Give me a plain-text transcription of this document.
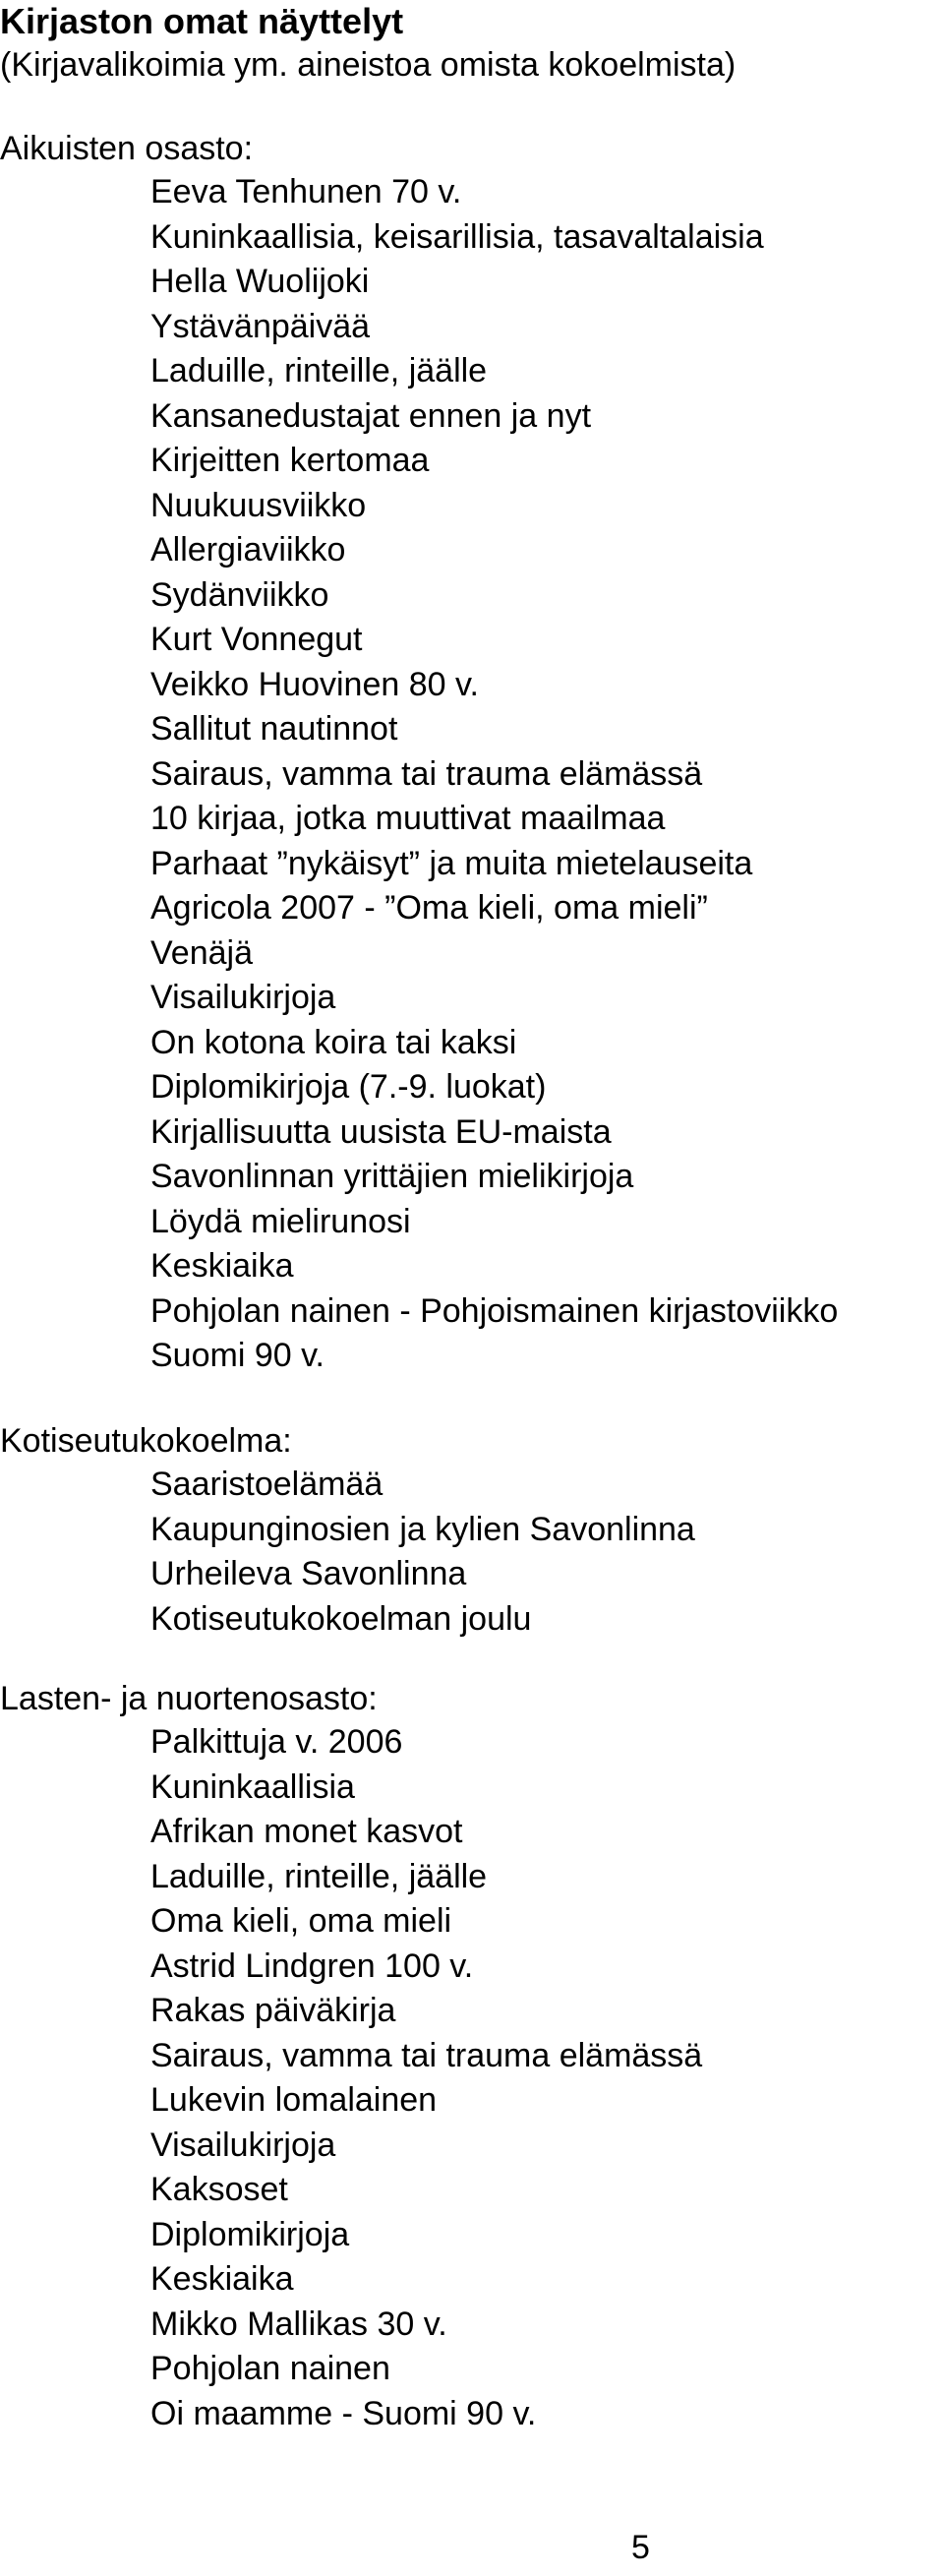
Kirjaston omat näyttelyt

(Kirjavalikoimia ym. aineistoa omista kokoelmista)

Aikuisten osasto:
Eeva Tenhunen 70 v.
Kuninkaallisia, keisarillisia, tasavaltalaisia
Hella Wuolijoki
Ystävänpäivää
Laduille, rinteille, jäälle
Kansanedustajat ennen ja nyt
Kirjeitten kertomaa
Nuukuusviikko
Allergiaviikko
Sydänviikko
Kurt Vonnegut
Veikko Huovinen 80 v.
Sallitut nautinnot
Sairaus, vamma tai trauma elämässä
10 kirjaa, jotka muuttivat maailmaa
Parhaat ”nykäisyt” ja muita mietelauseita
Agricola 2007 - ”Oma kieli, oma mieli”
Venäjä
Visailukirjoja
On kotona koira tai kaksi
Diplomikirjoja (7.-9. luokat)
Kirjallisuutta uusista EU-maista
Savonlinnan yrittäjien mielikirjoja
Löydä mielirunosi
Keskiaika
Pohjolan nainen - Pohjoismainen kirjastoviikko
Suomi 90 v.
Kotiseutukokoelma:
Saaristoelämää
Kaupunginosien ja kylien Savonlinna
Urheileva Savonlinna
Kotiseutukokoelman joulu
Lasten- ja nuortenosasto:
Palkittuja v. 2006
Kuninkaallisia
Afrikan monet kasvot
Laduille, rinteille, jäälle
Oma kieli, oma mieli
Astrid Lindgren 100 v.
Rakas päiväkirja
Sairaus, vamma tai trauma elämässä
Lukevin lomalainen
Visailukirjoja
Kaksoset
Diplomikirjoja
Keskiaika
Mikko Mallikas 30 v.
Pohjolan nainen
Oi maamme - Suomi 90 v.

5
